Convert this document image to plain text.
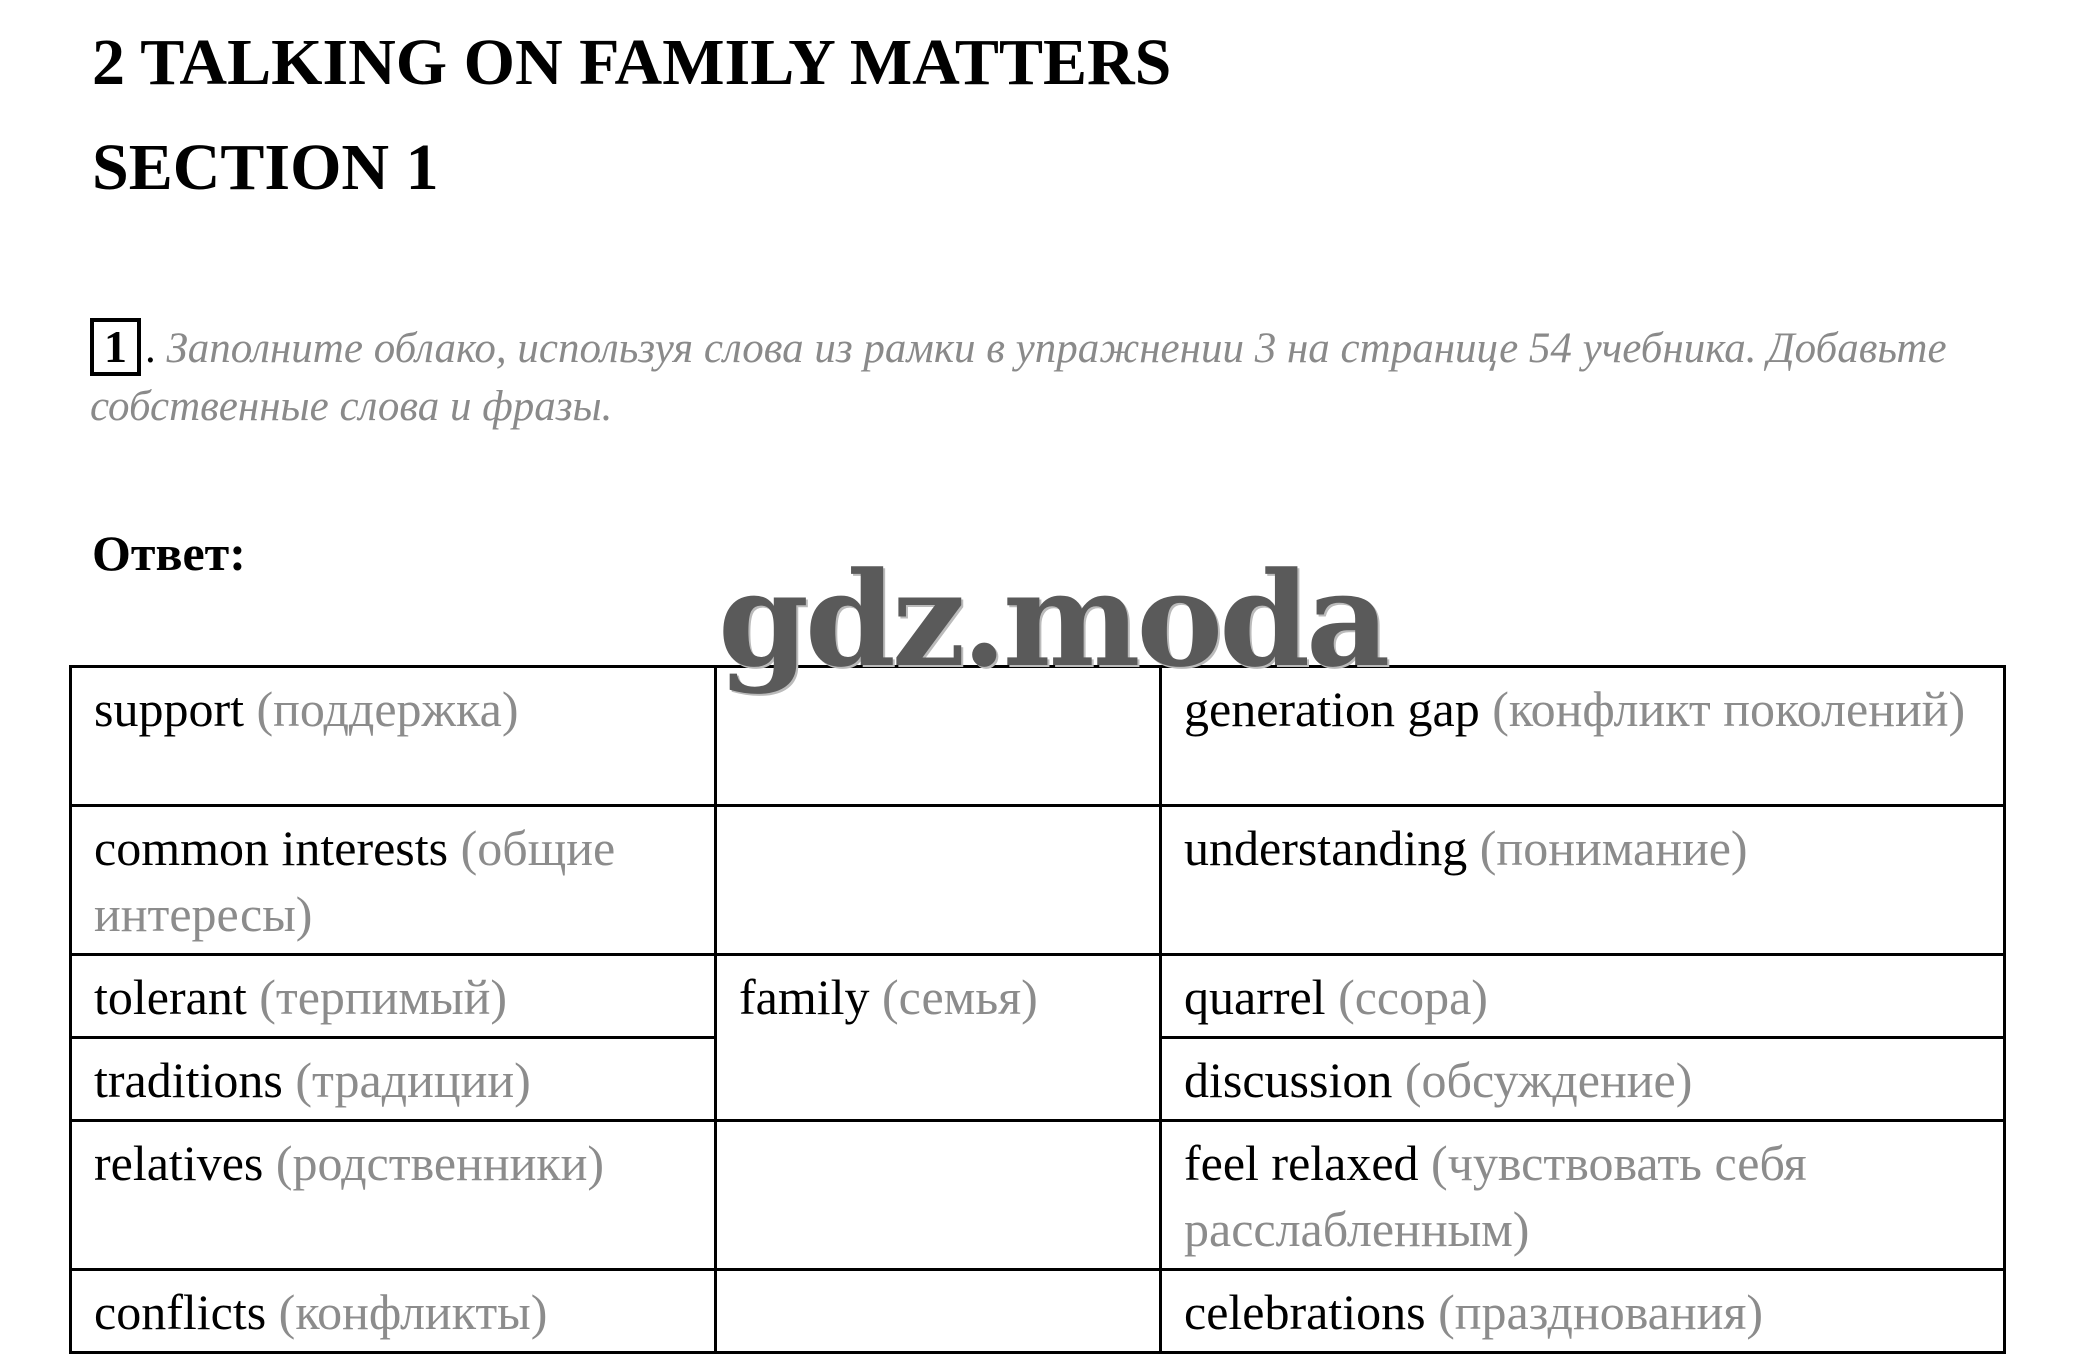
2 TALKING ON FAMILY MATTERS
SECTION 1
1 . Заполните облако, используя слова из рамки в упражнении 3 на странице 54 учебника. Добавьте собственные слова и фразы.
Ответ:
support (поддержка)		generation gap (конфликт поколений)
common interests (общие интересы)		understanding (понимание)
tolerant (терпимый)	family (семья)	quarrel (ссора)
traditions (традиции)		discussion (обсуждение)
relatives (родственники)		feel relaxed (чувствовать себя расслабленным)
conflicts (конфликты)		celebrations (празднования)
gdz.moda
